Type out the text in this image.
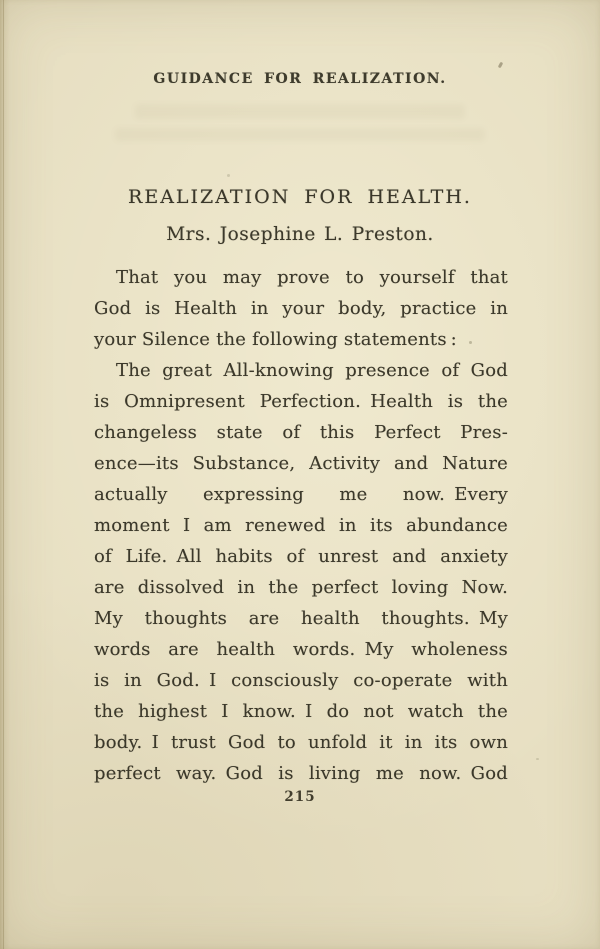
GUIDANCE FOR REALIZATION.
REALIZATION FOR HEALTH.
Mrs. Josephine L. Preston.
That you may prove to yourself that
God is Health in your body, practice in
your Silence the following statements :
The great All-knowing presence of God
is Omnipresent Perfection. Health is the
changeless state of this Perfect Pres-
ence—its Substance, Activity and Nature
actually expressing me now. Every
moment I am renewed in its abundance
of Life. All habits of unrest and anxiety
are dissolved in the perfect loving Now.
My thoughts are health thoughts. My
words are health words. My wholeness
is in God. I consciously co-operate with
the highest I know. I do not watch the
body. I trust God to unfold it in its own
perfect way. God is living me now. God
215
